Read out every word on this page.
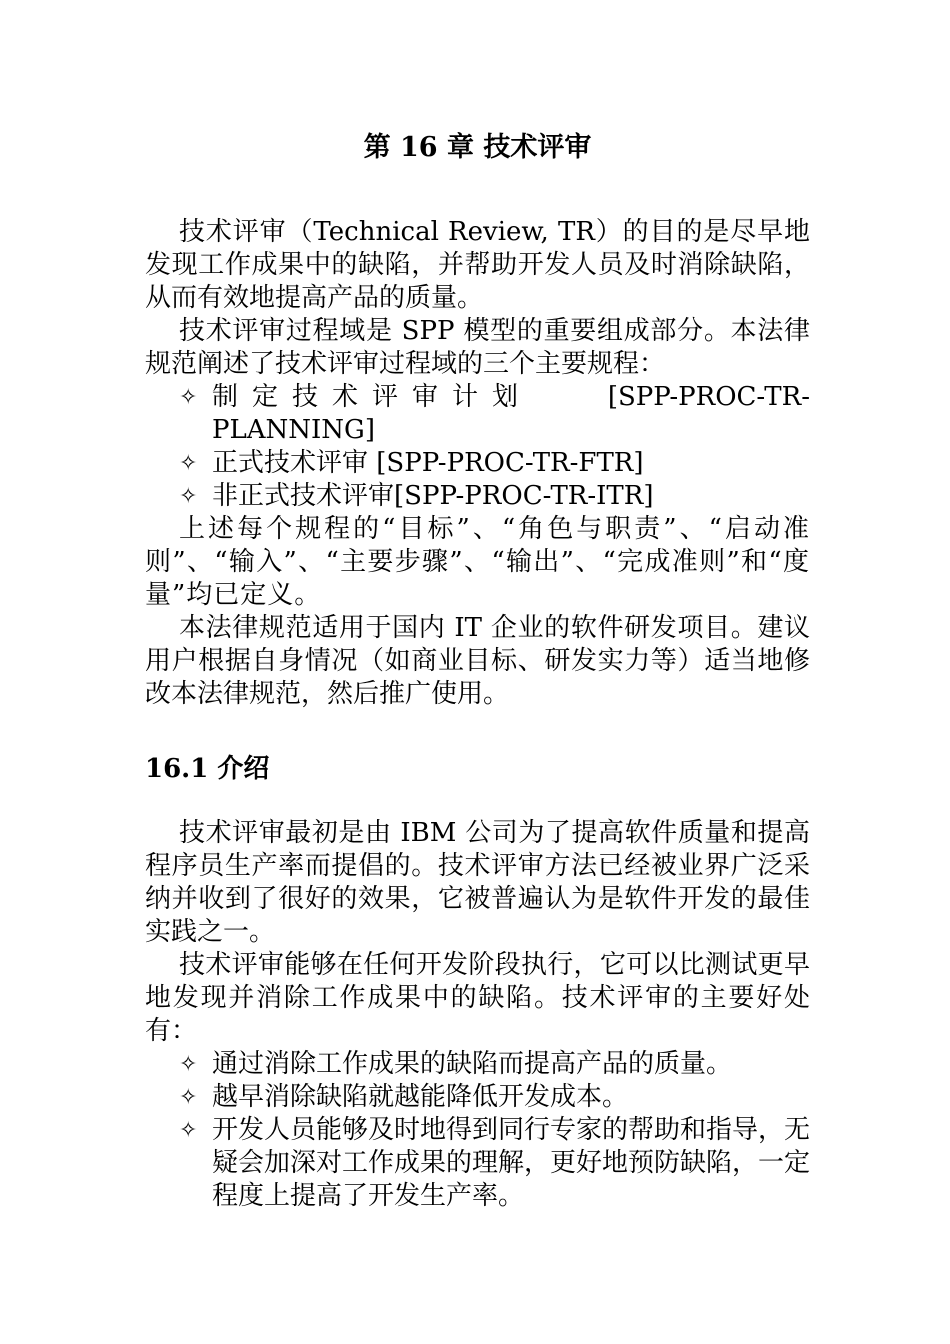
第 16 章 技术评审

技术评审（Technical Review, TR）的目的是尽早地发现工作成果中的缺陷，并帮助开发人员及时消除缺陷，从而有效地提高产品的质量。

技术评审过程域是 SPP 模型的重要组成部分。本法律规范阐述了技术评审过程域的三个主要规程：

✧ 制定技术评审计划	[SPP-PROC-TR-

PLANNING]
✧ 正式技术评审 [SPP-PROC-TR-FTR]
✧ 非正式技术评审[SPP-PROC-TR-ITR]

上述每个规程的“目标”、“角色与职责”、“启动准则”、“输入”、“主要步骤”、“输出”、“完成准则”和“度量”均已定义。

本法律规范适用于国内 IT 企业的软件研发项目。建议用户根据自身情况（如商业目标、研发实力等）适当地修改本法律规范，然后推广使用。

16.1 介绍

技术评审最初是由 IBM 公司为了提高软件质量和提高程序员生产率而提倡的。技术评审方法已经被业界广泛采纳并收到了很好的效果，它被普遍认为是软件开发的最佳实践之一。

技术评审能够在任何开发阶段执行，它可以比测试更早地发现并消除工作成果中的缺陷。技术评审的主要好处有：

✧ 通过消除工作成果的缺陷而提高产品的质量。
✧ 越早消除缺陷就越能降低开发成本。
✧ 开发人员能够及时地得到同行专家的帮助和指导，无疑会加深对工作成果的理解，更好地预防缺陷，一定程度上提高了开发生产率。
